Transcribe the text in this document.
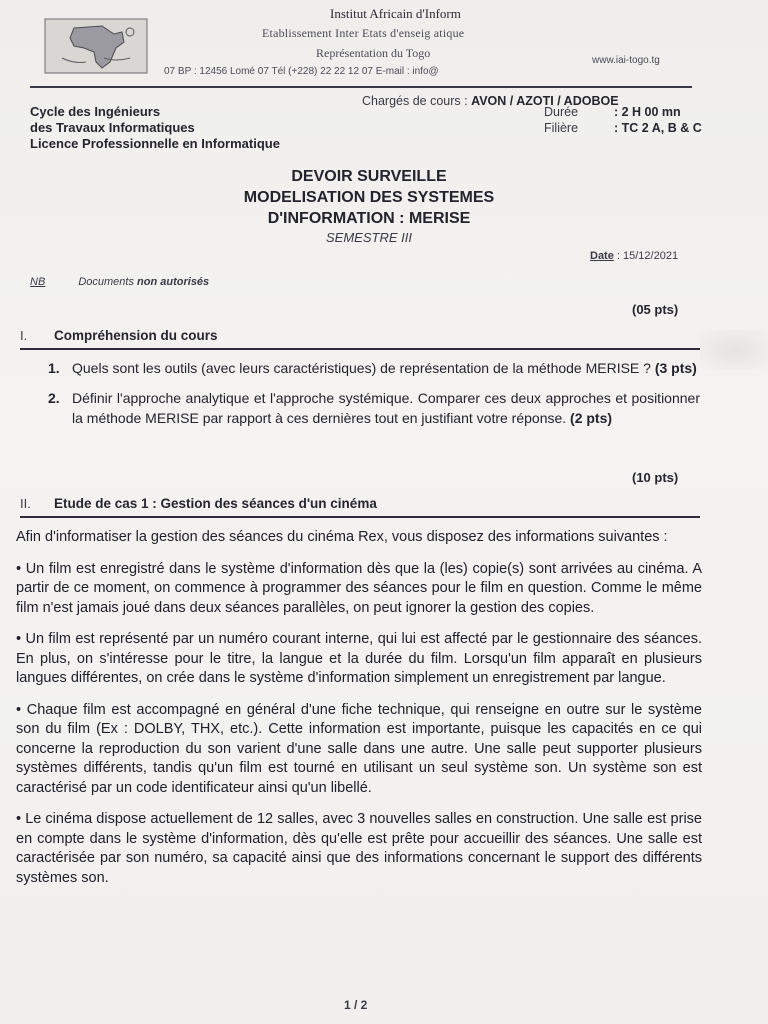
Institut Africain d'Inform
Etablissement Inter Etats d'enseig atique
Représentation du Togo
07 BP : 12456 Lomé 07 Tél (+228) 22 22 12 07 E-mail : info@
www.iai-togo.tg
Cycle des Ingénieurs
des Travaux Informatiques
Licence Professionnelle en Informatique
Chargés de cours : AVON / AZOTI / ADOBOE
Durée	: 2 H 00 mn
Filière	: TC 2 A, B & C
DEVOIR SURVEILLE
MODELISATION DES SYSTEMES
D'INFORMATION : MERISE
SEMESTRE III
Date : 15/12/2021
NB	Documents non autorisés
(05 pts)
I. Compréhension du cours
1. Quels sont les outils (avec leurs caractéristiques) de représentation de la méthode MERISE ? (3 pts)
2. Définir l'approche analytique et l'approche systémique. Comparer ces deux approches et positionner la méthode MERISE par rapport à ces dernières tout en justifiant votre réponse. (2 pts)
(10 pts)
II. Etude de cas 1 : Gestion des séances d'un cinéma

Afin d'informatiser la gestion des séances du cinéma Rex, vous disposez des informations suivantes :

• Un film est enregistré dans le système d'information dès que la (les) copie(s) sont arrivées au cinéma. A partir de ce moment, on commence à programmer des séances pour le film en question. Comme le même film n'est jamais joué dans deux séances parallèles, on peut ignorer la gestion des copies.

• Un film est représenté par un numéro courant interne, qui lui est affecté par le gestionnaire des séances. En plus, on s'intéresse pour le titre, la langue et la durée du film. Lorsqu'un film apparaît en plusieurs langues différentes, on crée dans le système d'information simplement un enregistrement par langue.

• Chaque film est accompagné en général d'une fiche technique, qui renseigne en outre sur le système son du film (Ex : DOLBY, THX, etc.). Cette information est importante, puisque les capacités en ce qui concerne la reproduction du son varient d'une salle dans une autre. Une salle peut supporter plusieurs systèmes différents, tandis qu'un film est tourné en utilisant un seul système son. Un système son est caractérisé par un code identificateur ainsi qu'un libellé.

• Le cinéma dispose actuellement de 12 salles, avec 3 nouvelles salles en construction. Une salle est prise en compte dans le système d'information, dès qu'elle est prête pour accueillir des séances. Une salle est caractérisée par son numéro, sa capacité ainsi que des informations concernant le support des différents systèmes son.

1 / 2
